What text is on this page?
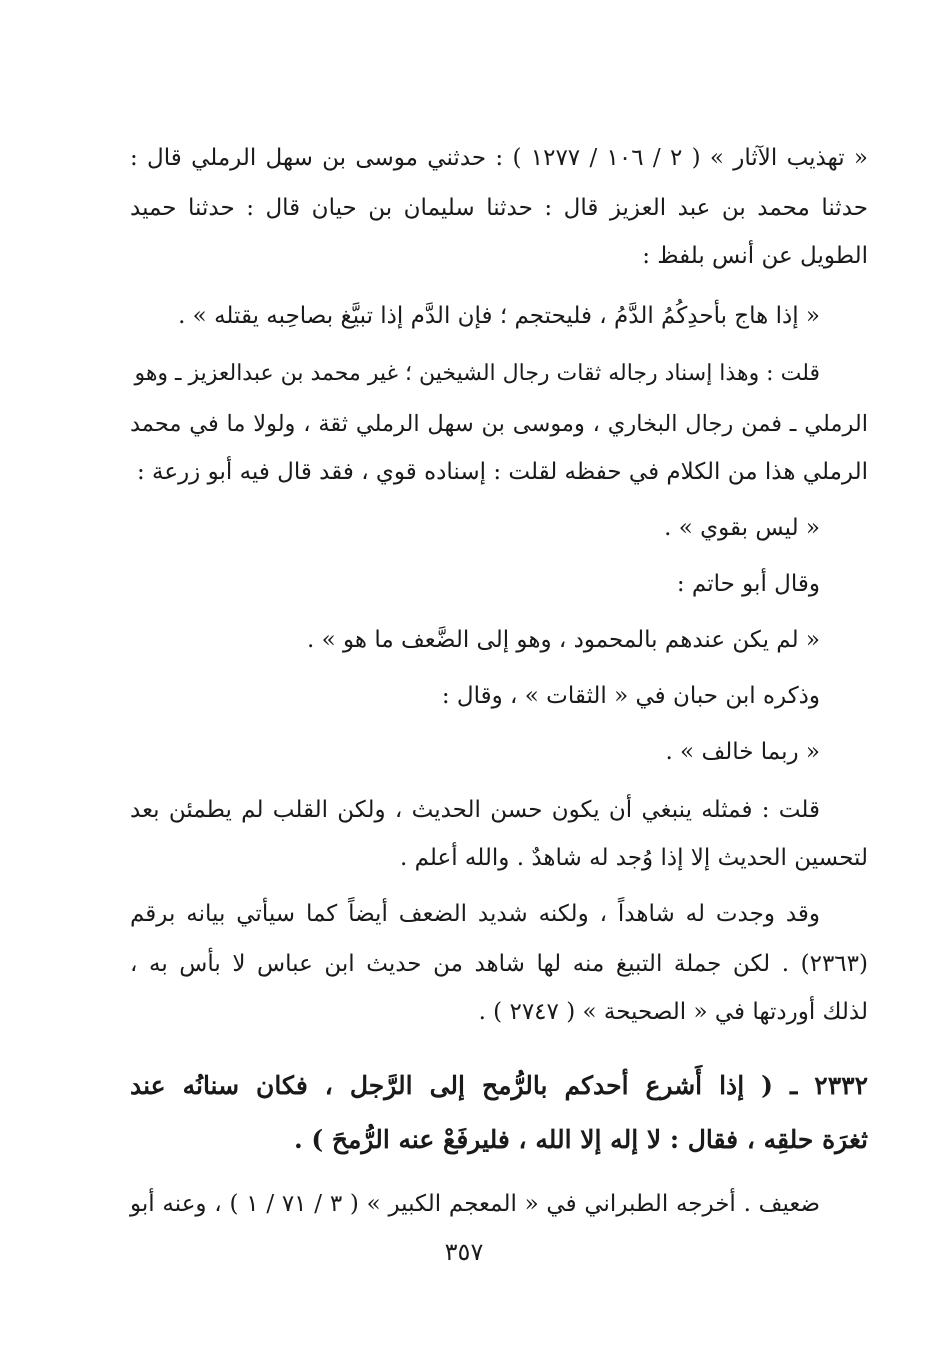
« تهذيب الآثار » ( ٢ / ١٠٦ / ١٢٧٧ ) : حدثني موسى بن سهل الرملي قال :
حدثنا محمد بن عبد العزيز قال : حدثنا سليمان بن حيان قال : حدثنا حميد
الطويل عن أنس بلفظ :
« إذا هاج بأحدِكُمُ الدَّمُ ، فليحتجم ؛ فإن الدَّم إذا تبيَّغ بصاحِبه يقتله » .
قلت : وهذا إسناد رجاله ثقات رجال الشيخين ؛ غير محمد بن عبدالعزيز ـ وهو
الرملي ـ فمن رجال البخاري ، وموسى بن سهل الرملي ثقة ، ولولا ما في محمد
الرملي هذا من الكلام في حفظه لقلت : إسناده قوي ، فقد قال فيه أبو زرعة :
« ليس بقوي » .
وقال أبو حاتم :
« لم يكن عندهم بالمحمود ، وهو إلى الضَّعف ما هو » .
وذكره ابن حبان في « الثقات » ، وقال :
« ربما خالف » .
قلت : فمثله ينبغي أن يكون حسن الحديث ، ولكن القلب لم يطمئن بعد
لتحسين الحديث إلا إذا وُجد له شاهدٌ . والله أعلم .
وقد وجدت له شاهداً ، ولكنه شديد الضعف أيضاً كما سيأتي بيانه برقم
(٢٣٦٣) . لكن جملة التبيغ منه لها شاهد من حديث ابن عباس لا بأس به ،
لذلك أوردتها في « الصحيحة » ( ٢٧٤٧ ) .
٢٣٣٢ ـ ( إذا أَشرع أحدكم بالرُّمح إلى الرَّجل ، فكان سنانُه عند
ثغرَة حلقِه ، فقال : لا إله إلا الله ، فليرفَعْ عنه الرُّمحَ ) .
ضعيف . أخرجه الطبراني في « المعجم الكبير » ( ٣ / ٧١ / ١ ) ، وعنه أبو
٣٥٧
